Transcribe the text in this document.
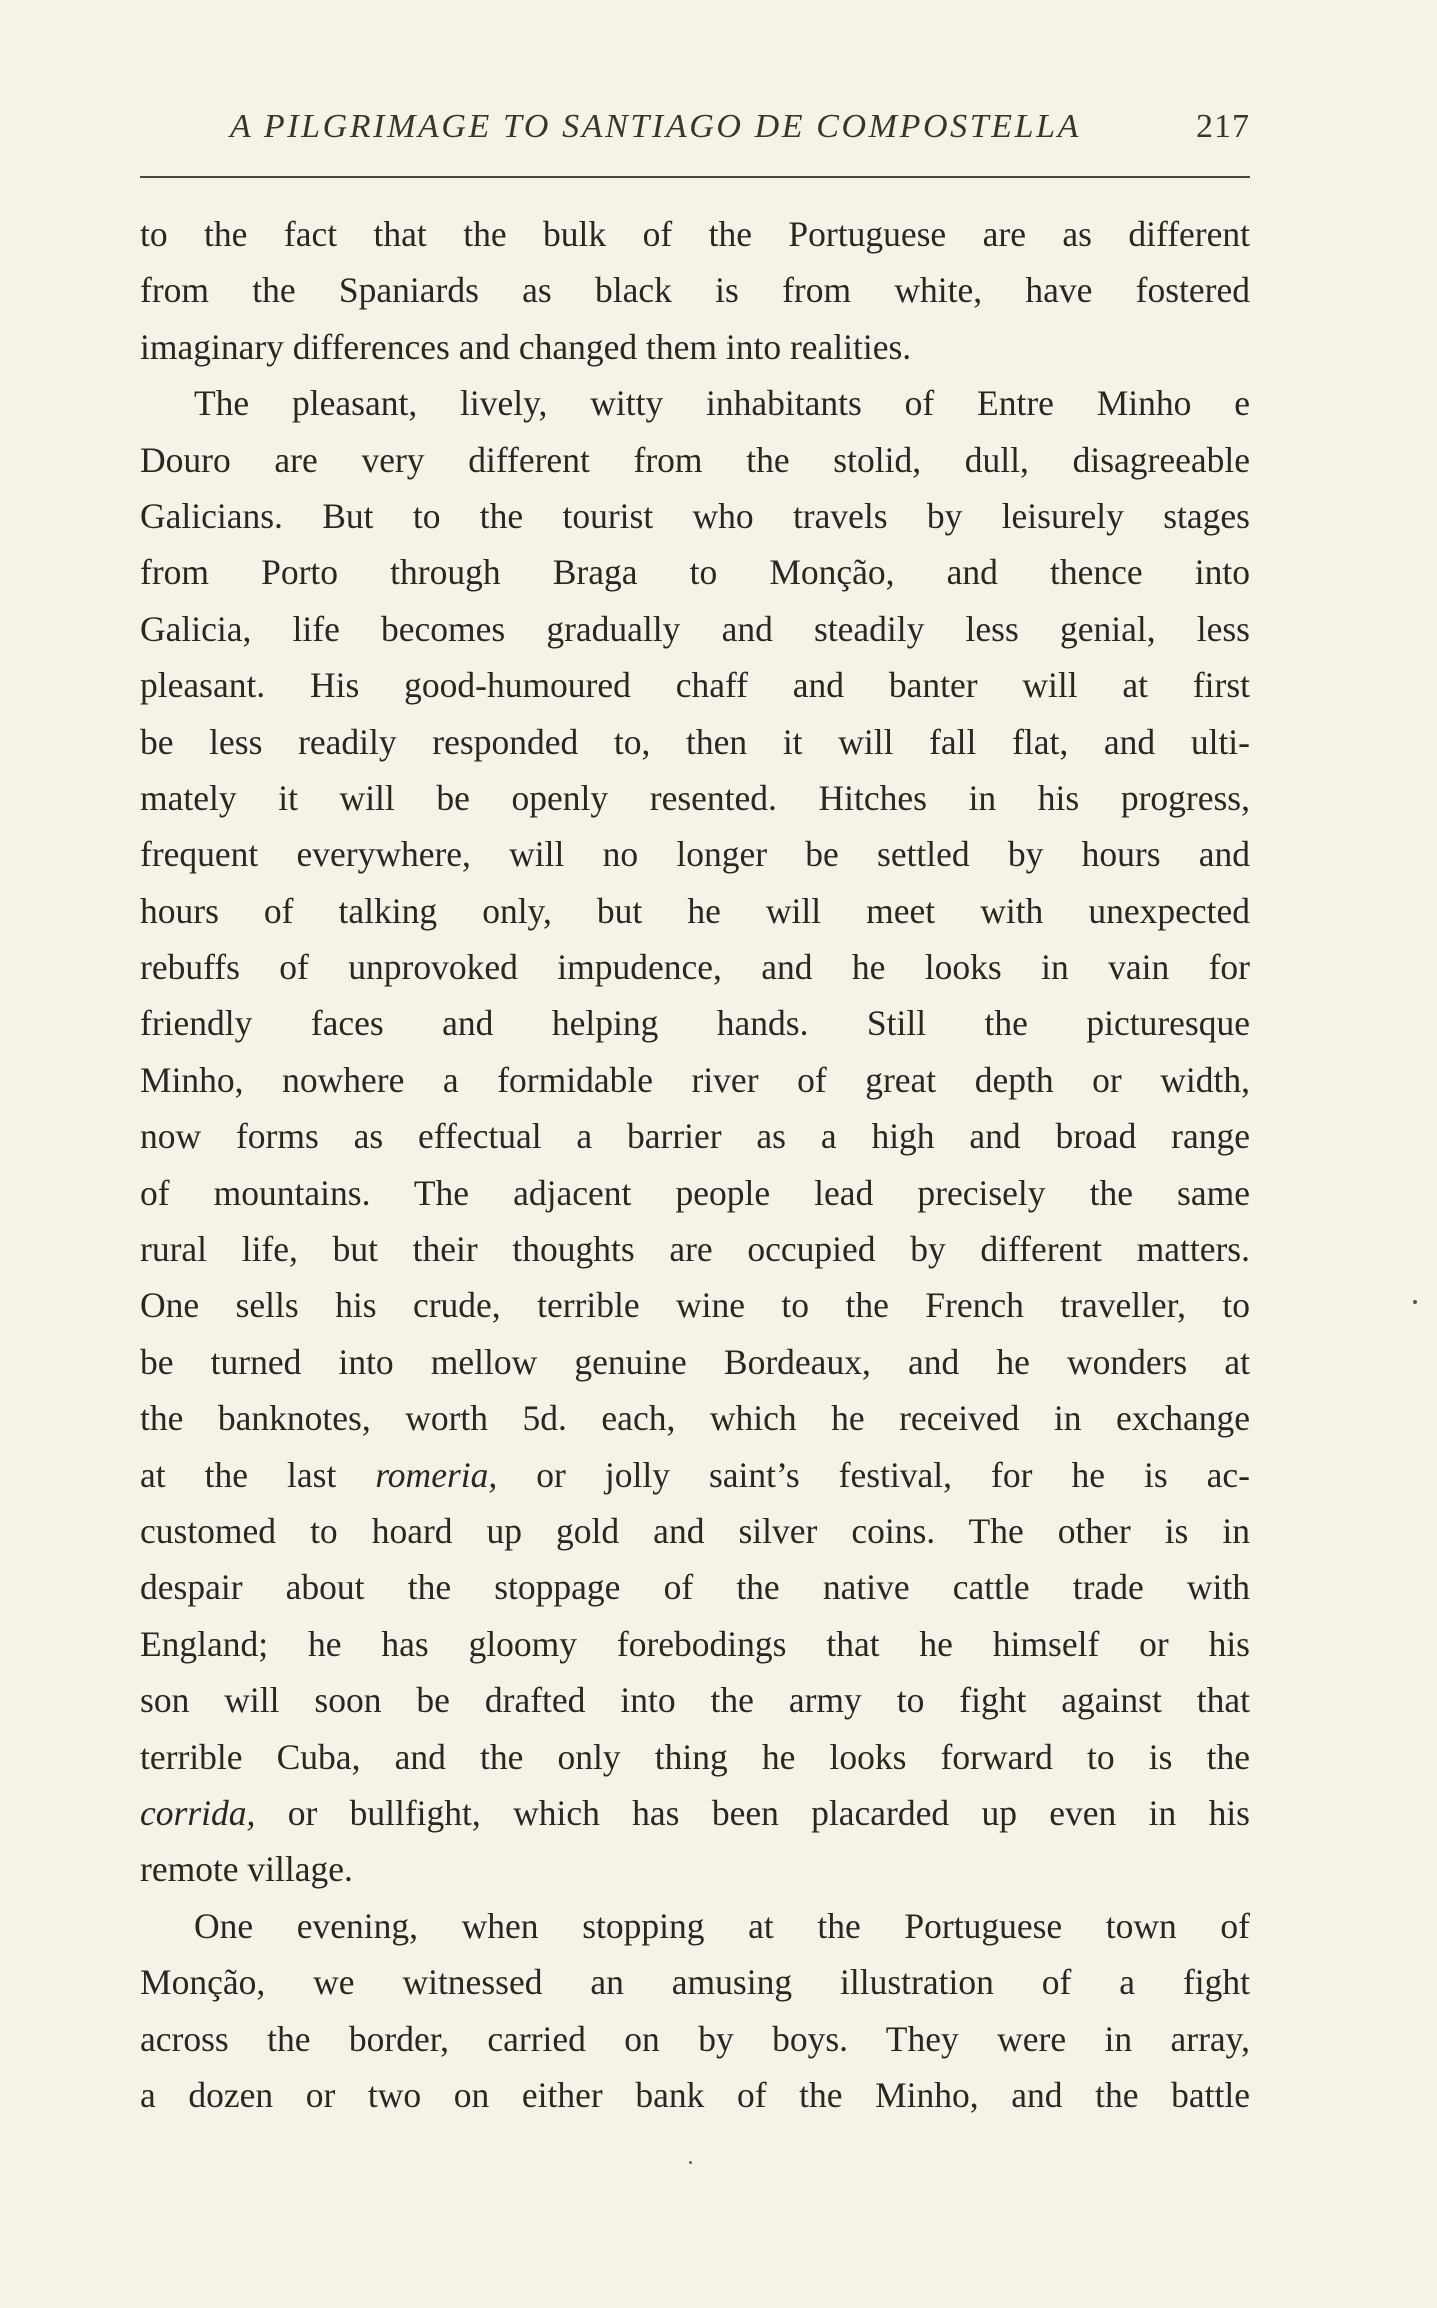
A PILGRIMAGE TO SANTIAGO DE COMPOSTELLA	217
to the fact that the bulk of the Portuguese are as different
from the Spaniards as black is from white, have fostered
imaginary differences and changed them into realities.
The pleasant, lively, witty inhabitants of Entre Minho e
Douro are very different from the stolid, dull, disagreeable
Galicians. But to the tourist who travels by leisurely stages
from Porto through Braga to Monção, and thence into
Galicia, life becomes gradually and steadily less genial, less
pleasant. His good-humoured chaff and banter will at first
be less readily responded to, then it will fall flat, and ulti-
mately it will be openly resented. Hitches in his progress,
frequent everywhere, will no longer be settled by hours and
hours of talking only, but he will meet with unexpected
rebuffs of unprovoked impudence, and he looks in vain for
friendly faces and helping hands. Still the picturesque
Minho, nowhere a formidable river of great depth or width,
now forms as effectual a barrier as a high and broad range
of mountains. The adjacent people lead precisely the same
rural life, but their thoughts are occupied by different matters.
One sells his crude, terrible wine to the French traveller, to
be turned into mellow genuine Bordeaux, and he wonders at
the banknotes, worth 5d. each, which he received in exchange
at the last romeria, or jolly saint’s festival, for he is ac-
customed to hoard up gold and silver coins. The other is in
despair about the stoppage of the native cattle trade with
England; he has gloomy forebodings that he himself or his
son will soon be drafted into the army to fight against that
terrible Cuba, and the only thing he looks forward to is the
corrida, or bullfight, which has been placarded up even in his
remote village.
One evening, when stopping at the Portuguese town of
Monção, we witnessed an amusing illustration of a fight
across the border, carried on by boys. They were in array,
a dozen or two on either bank of the Minho, and the battle
